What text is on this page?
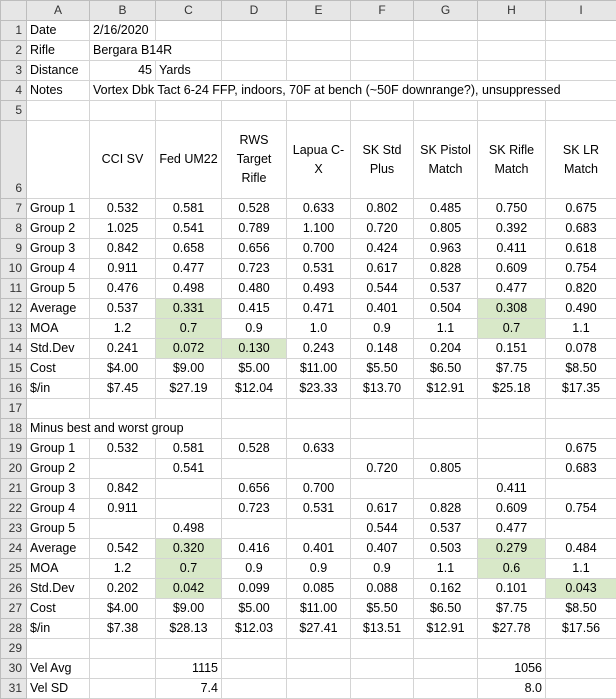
	A	B	C	D	E	F	G	H	I
1	Date	2/16/2020							
2	Rifle	Bergara B14R							
3	Distance	45	Yards						
4	Notes	Vortex Dbk Tact 6-24 FFP, indoors, 70F at bench (~50F downrange?), unsuppressed							
5									
6		CCI SV	Fed UM22	RWS Target Rifle	Lapua C-X	SK Std Plus	SK Pistol Match	SK Rifle Match	SK LR Match
7	Group 1	0.532	0.581	0.528	0.633	0.802	0.485	0.750	0.675
8	Group 2	1.025	0.541	0.789	1.100	0.720	0.805	0.392	0.683
9	Group 3	0.842	0.658	0.656	0.700	0.424	0.963	0.411	0.618
10	Group 4	0.911	0.477	0.723	0.531	0.617	0.828	0.609	0.754
11	Group 5	0.476	0.498	0.480	0.493	0.544	0.537	0.477	0.820
12	Average	0.537	0.331	0.415	0.471	0.401	0.504	0.308	0.490
13	MOA	1.2	0.7	0.9	1.0	0.9	1.1	0.7	1.1
14	Std.Dev	0.241	0.072	0.130	0.243	0.148	0.204	0.151	0.078
15	Cost	$4.00	$9.00	$5.00	$11.00	$5.50	$6.50	$7.75	$8.50
16	$/in	$7.45	$27.19	$12.04	$23.33	$13.70	$12.91	$25.18	$17.35
17									
18	Minus best and worst group								
19	Group 1	0.532	0.581	0.528	0.633				0.675
20	Group 2		0.541			0.720	0.805		0.683
21	Group 3	0.842		0.656	0.700			0.411	
22	Group 4	0.911		0.723	0.531	0.617	0.828	0.609	0.754
23	Group 5		0.498			0.544	0.537	0.477	
24	Average	0.542	0.320	0.416	0.401	0.407	0.503	0.279	0.484
25	MOA	1.2	0.7	0.9	0.9	0.9	1.1	0.6	1.1
26	Std.Dev	0.202	0.042	0.099	0.085	0.088	0.162	0.101	0.043
27	Cost	$4.00	$9.00	$5.00	$11.00	$5.50	$6.50	$7.75	$8.50
28	$/in	$7.38	$28.13	$12.03	$27.41	$13.51	$12.91	$27.78	$17.56
29									
30	Vel Avg		1115					1056	
31	Vel SD		7.4					8.0	
